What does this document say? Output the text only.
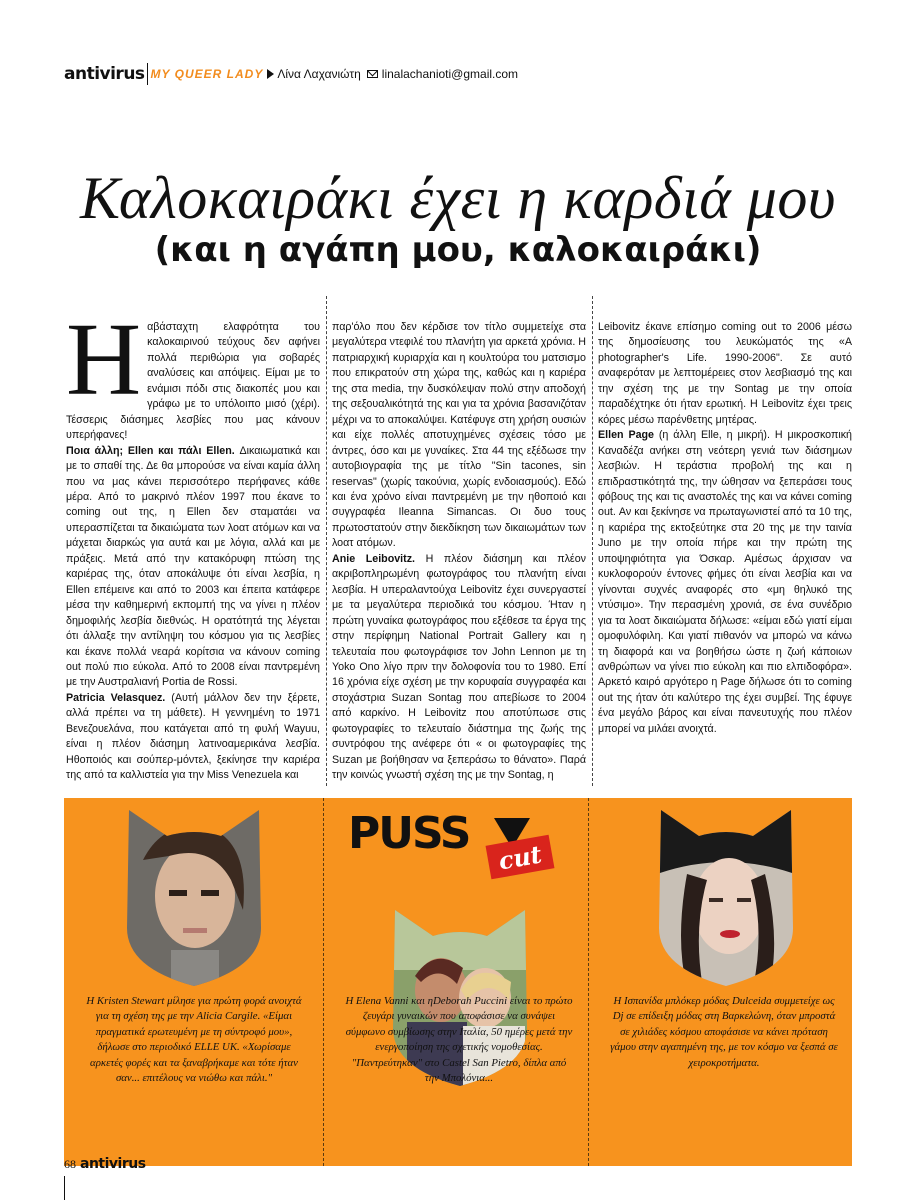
antivirus MY QUEER LADY Λίνα Λαχανιώτη linalachanioti@gmail.com
Καλοκαιράκι έχει η καρδιά μου
(και η αγάπη μου, καλοκαιράκι)

Ηαβάσταχτη ελαφρότητα του καλοκαιρινού τεύχους δεν αφήνει πολλά περιθώρια για σοβαρές αναλύσεις και απόψεις. Είμαι με το ενάμισι πόδι στις διακοπές μου και γράφω με το υπόλοιπο μισό (χέρι). Τέσσερις διάσημες λεσβίες που μας κάνουν υπερήφανες!

Ποια άλλη; Ellen και πάλι Ellen. Δικαιωματικά και με το σπαθί της. Δε θα μπορούσε να είναι καμία άλλη που να μας κάνει περισσότερο περήφανες κάθε μέρα. Από το μακρινό πλέον 1997 που έκανε το coming out της, η Ellen δεν σταματάει να υπερασπίζεται τα δικαιώματα των λοατ ατόμων και να μάχεται διαρκώς για αυτά και με λόγια, αλλά και με πράξεις. Μετά από την κατακόρυφη πτώση της καριέρας της, όταν αποκάλυψε ότι είναι λεσβία, η Ellen επέμεινε και από το 2003 και έπειτα κατάφερε μέσα την καθημερινή εκπομπή της να γίνει η πλέον δημοφιλής λεσβία διεθνώς. Η ορατότητά της λέγεται ότι άλλαξε την αντίληψη του κόσμου για τις λεσβίες και έκανε πολλά νεαρά κορίτσια να κάνουν coming out πολύ πιο εύκολα. Από το 2008 είναι παντρεμένη με την Αυστραλιανή Portia de Rossi.

Patricia Velasquez. (Αυτή μάλλον δεν την ξέρετε, αλλά πρέπει να τη μάθετε). Η γεννημένη το 1971 Βενεζουελάνα, που κατάγεται από τη φυλή Wayuu, είναι η πλέον διάσημη λατινοαμερικάνα λεσβία. Ηθοποιός και σούπερ-μόντελ, ξεκίνησε την καριέρα της από τα καλλιστεία για την Miss Venezuela και

παρ'όλο που δεν κέρδισε τον τίτλο συμμετείχε στα μεγαλύτερα ντεφιλέ του πλανήτη για αρκετά χρόνια. Η πατριαρχική κυριαρχία και η κουλτούρα του ματσισμο που επικρατούν στη χώρα της, καθώς και η καριέρα της στα media, την δυσκόλεψαν πολύ στην αποδοχή της σεξουαλικότητά της και για τα χρόνια βασανιζόταν μέχρι να το αποκαλύψει. Κατέφυγε στη χρήση ουσιών και είχε πολλές αποτυχημένες σχέσεις τόσο με άντρες, όσο και με γυναίκες. Στα 44 της εξέδωσε την αυτοβιογραφία της με τίτλο "Sin tacones, sin reservas" (χωρίς τακούνια, χωρίς ενδοιασμούς). Εδώ και ένα χρόνο είναι παντρεμένη με την ηθοποιό και συγγραφέα Ileanna Simancas. Οι δυο τους πρωτοστατούν στην διεκδίκηση των δικαιωμάτων των λοατ ατόμων.

Anie Leibovitz. Η πλέον διάσημη και πλέον ακριβοπληρωμένη φωτογράφος του πλανήτη είναι λεσβία. Η υπεραλαντούχα Leibovitz έχει συνεργαστεί με τα μεγαλύτερα περιοδικά του κόσμου. Ήταν η πρώτη γυναίκα φωτογράφος που εξέθεσε τα έργα της στην περίφημη National Portrait Gallery και η τελευταία που φωτογράφισε τον John Lennon με τη Yoko Ono λίγο πριν την δολοφονία του το 1980. Επί 16 χρόνια είχε σχέση με την κορυφαία συγγραφέα και στοχάστρια Suzan Sontag που απεβίωσε το 2004 από καρκίνο. Η Leibovitz που αποτύπωσε στις φωτογραφίες το τελευταίο διάστημα της ζωής της συντρόφου της ανέφερε ότι « οι φωτογραφίες της Suzan με βοήθησαν να ξεπεράσω το θάνατο». Παρά την κοινώς γνωστή σχέση της με την Sontag, η

Leibovitz έκανε επίσημο coming out το 2006 μέσω της δημοσίευσης του λευκώματός της «A photographer's Life. 1990-2006". Σε αυτό αναφερόταν με λεπτομέρειες στον λεσβιασμό της και την σχέση της με την Sontag με την οποία παραδέχτηκε ότι ήταν ερωτική. Η Leibovitz έχει τρεις κόρες μέσω παρένθετης μητέρας.

Ellen Page (η άλλη Elle, η μικρή). Η μικροσκοπική Καναδέζα ανήκει στη νεότερη γενιά των διάσημων λεσβιών. Η τεράστια προβολή της και η επιδραστικότητά της, την ώθησαν να ξεπεράσει τους φόβους της και τις αναστολές της και να κάνει coming out. Αν και ξεκίνησε να πρωταγωνιστεί από τα 10 της, η καριέρα της εκτοξεύτηκε στα 20 της με την ταινία Juno με την οποία πήρε και την πρώτη της υποψηφιότητα για Όσκαρ. Αμέσως άρχισαν να κυκλοφορούν έντονες φήμες ότι είναι λεσβία και να γίνονται συχνές αναφορές στο «μη θηλυκό της ντύσιμο». Την περασμένη χρονιά, σε ένα συνέδριο για τα λοατ δικαιώματα δήλωσε: «είμαι εδώ γιατί είμαι ομοφυλόφιλη. Και γιατί πιθανόν να μπορώ να κάνω τη διαφορά και να βοηθήσω ώστε η ζωή κάποιων ανθρώπων να γίνει πιο εύκολη και πιο ελπιδοφόρα». Αρκετό καιρό αργότερο η Page δήλωσε ότι το coming out της ήταν ότι καλύτερο της έχει συμβεί. Της έφυγε ένα μεγάλο βάρος και είναι πανευτυχής που πλέον μπορεί να μιλάει ανοιχτά.

PUSS	cut
Η Kristen Stewart μίλησε για πρώτη φορά ανοιχτά για τη σχέση της με την Alicia Cargile. «Είμαι πραγματικά ερωτευμένη με τη σύντροφό μου», δήλωσε στο περιοδικό ELLE UK. «Χωρίσαμε αρκετές φορές και τα ξαναβρήκαμε και τότε ήταν σαν... επιτέλους να νιώθω και πάλι."
Η Elena Vanni και ηDeborah Puccini είναι το πρώτο ζευγάρι γυναικών που αποφάσισε να συνάψει σύμφωνο συμβίωσης στην Ιταλία, 50 ημέρες μετά την ενεργοποίηση της σχετικής νομοθεσίας. "Παντρεύτηκαν" στο Castel San Pietro, δίπλα από την Μπολόνια...
Η Ισπανίδα μπλόκερ μόδας Dulceida συμμετείχε ως Dj σε επίδειξη μόδας στη Βαρκελώνη, όταν μπροστά σε χιλιάδες κόσμου αποφάσισε να κάνει πρόταση γάμου στην αγαπημένη της, με τον κόσμο να ξεσπά σε χειροκροτήματα.
68 antivirus
